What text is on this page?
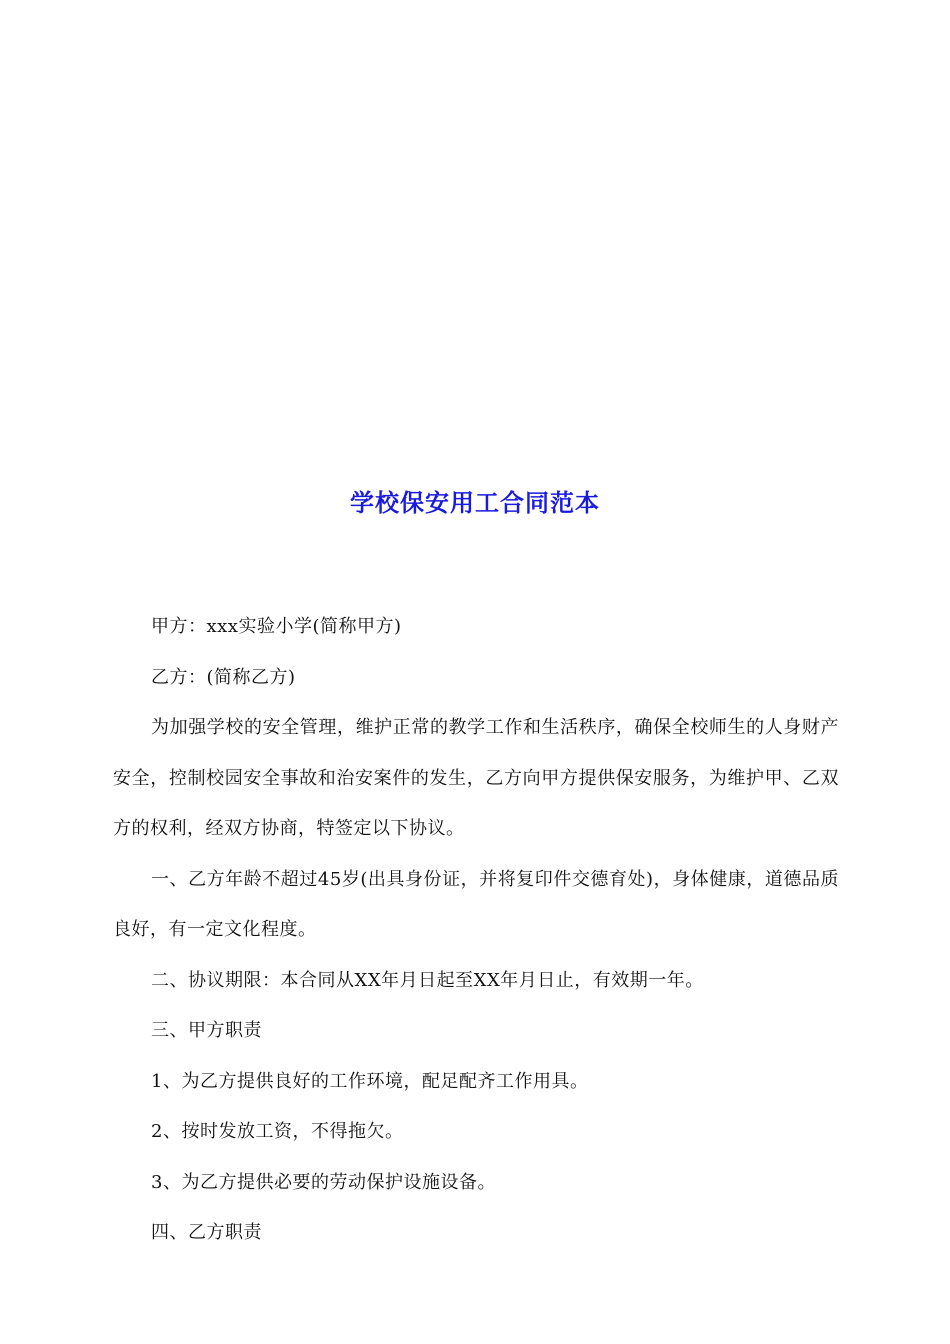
学校保安用工合同范本

甲方：xxx实验小学(简称甲方)

乙方：(简称乙方)

为加强学校的安全管理，维护正常的教学工作和生活秩序，确保全校师生的人身财产安全，控制校园安全事故和治安案件的发生，乙方向甲方提供保安服务，为维护甲、乙双方的权利，经双方协商，特签定以下协议。

一、乙方年龄不超过45岁(出具身份证，并将复印件交德育处)，身体健康，道德品质良好，有一定文化程度。

二、协议期限：本合同从XX年月日起至XX年月日止，有效期一年。

三、甲方职责

1、为乙方提供良好的工作环境，配足配齐工作用具。

2、按时发放工资，不得拖欠。

3、为乙方提供必要的劳动保护设施设备。

四、乙方职责
